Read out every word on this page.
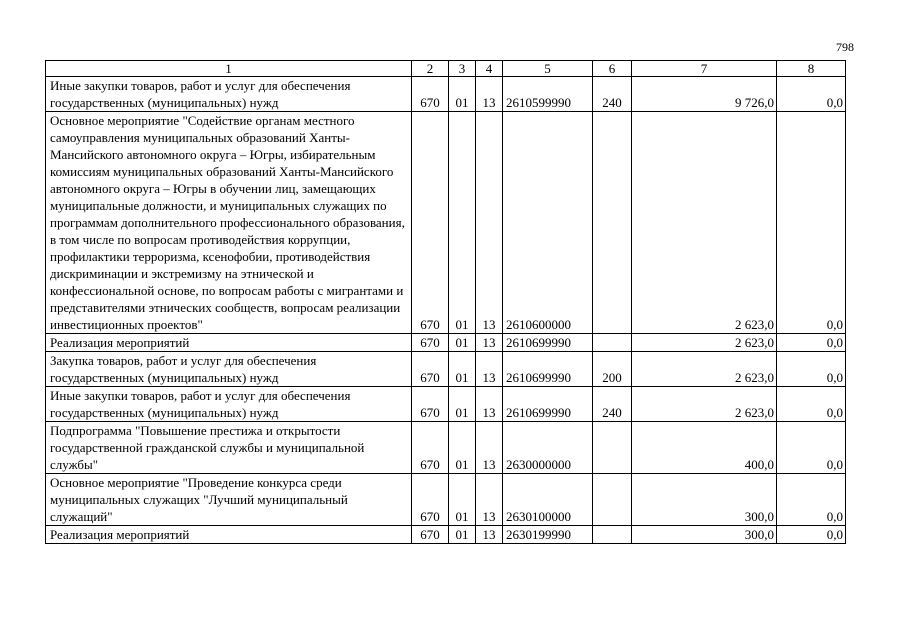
798
1	2	3	4	5	6	7	8
Иные закупки товаров, работ и услуг для обеспечения государственных (муниципальных) нужд	670	01	13	2610599990	240	9 726,0	0,0
Основное мероприятие "Содействие органам местного самоуправления муниципальных образований Ханты-Мансийского автономного округа – Югры, избирательным комиссиям муниципальных образований Ханты-Мансийского автономного округа – Югры в обучении лиц, замещающих муниципальные должности, и муниципальных служащих по программам дополнительного профессионального образования, в том числе по вопросам противодействия коррупции, профилактики терроризма, ксенофобии, противодействия дискриминации и экстремизму на этнической и конфессиональной основе, по вопросам работы с мигрантами и представителями этнических сообществ, вопросам реализации инвестиционных проектов"	670	01	13	2610600000		2 623,0	0,0
Реализация мероприятий	670	01	13	2610699990		2 623,0	0,0
Закупка товаров, работ и услуг для обеспечения государственных (муниципальных) нужд	670	01	13	2610699990	200	2 623,0	0,0
Иные закупки товаров, работ и услуг для обеспечения государственных (муниципальных) нужд	670	01	13	2610699990	240	2 623,0	0,0
Подпрограмма "Повышение престижа и открытости государственной гражданской службы и муниципальной службы"	670	01	13	2630000000		400,0	0,0
Основное мероприятие "Проведение конкурса среди муниципальных служащих "Лучший муниципальный служащий"	670	01	13	2630100000		300,0	0,0
Реализация мероприятий	670	01	13	2630199990		300,0	0,0
